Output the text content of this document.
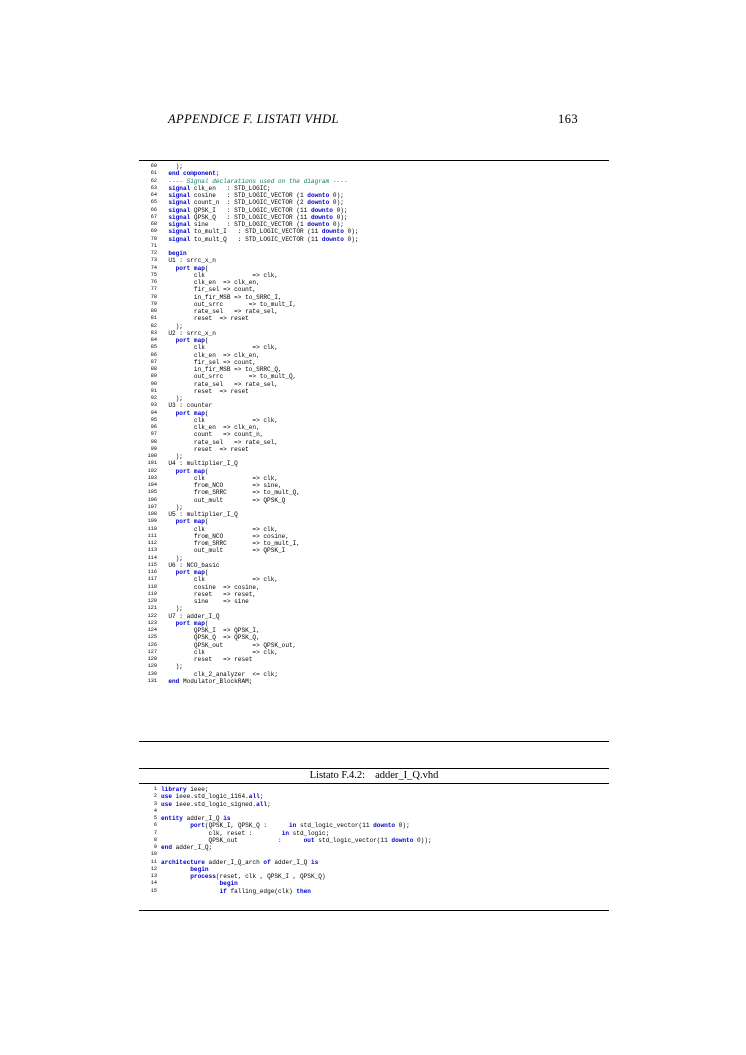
APPENDICE F. LISTATI VHDL	163
60    );
61  end component;
62  ---- Signal declarations used on the diagram ----
63  signal clk_en   : STD_LOGIC;
64  signal cosine   : STD_LOGIC_VECTOR (1 downto 0);
65  signal count_n  : STD_LOGIC_VECTOR (2 downto 0);
66  signal QPSK_I   : STD_LOGIC_VECTOR (11 downto 0);
67  signal QPSK_Q   : STD_LOGIC_VECTOR (11 downto 0);
68  signal sine     : STD_LOGIC_VECTOR (1 downto 0);
69  signal to_mult_I   : STD_LOGIC_VECTOR (11 downto 0);
70  signal to_mult_Q   : STD_LOGIC_VECTOR (11 downto 0);
71
72  begin
73  U1 : srrc_x_n
74	port map(
75         clk             => clk,
76         clk_en  => clk_en,
77         fir_sel => count,
78         in_fir_MSB => to_SRRC_I,
79         out_srrc       => to_mult_I,
80         rate_sel   => rate_sel,
81         reset  => reset
82    );
83  U2 : srrc_x_n
84	port map(
85         clk             => clk,
86         clk_en  => clk_en,
87         fir_sel => count,
88         in_fir_MSB => to_SRRC_Q,
89         out_srrc       => to_mult_Q,
90         rate_sel   => rate_sel,
91         reset  => reset
92    );
93  U3 : counter
94	port map(
95         clk             => clk,
96         clk_en  => clk_en,
97         count   => count_n,
98         rate_sel   => rate_sel,
99         reset  => reset
100    );
101  U4 : multiplier_I_Q
102	port map(
103         clk             => clk,
104         from_NCO        => sine,
105         from_SRRC       => to_mult_Q,
106         out_mult        => QPSK_Q
107    );
108  U5 : multiplier_I_Q
109	port map(
110         clk             => clk,
111         from_NCO        => cosine,
112         from_SRRC       => to_mult_I,
113         out_mult        => QPSK_I
114    );
115  U6 : NCO_basic
116	port map(
117         clk             => clk,
118         cosine  => cosine,
119         reset   => reset,
120         sine    => sine
121    );
122  U7 : adder_I_Q
123	port map(
124         QPSK_I  => QPSK_I,
125         QPSK_Q  => QPSK_Q,
126         QPSK_out        => QPSK_out,
127         clk             => clk,
128         reset   => reset
129    );
130         clk_2_analyzer  <= clk;
131  end Modulator_BlockRAM;
Listato F.4.2: adder_I_Q.vhd
1 library ieee;
2 use ieee.std_logic_1164.all;
3 use ieee.std_logic_signed.all;
4
5 entity adder_I_Q is
6	port(QPSK_I, QPSK_Q :      in std_logic_vector(11 downto 0);
7             clk, reset :        in std_logic;
8             QPSK_out           :      out std_logic_vector(11 downto 0));
9 end adder_I_Q;
10
11 architecture adder_I_Q_arch of adder_I_Q is
12	begin
13	process(reset, clk , QPSK_I , QPSK_Q)
14	begin
15	if falling_edge(clk) then
